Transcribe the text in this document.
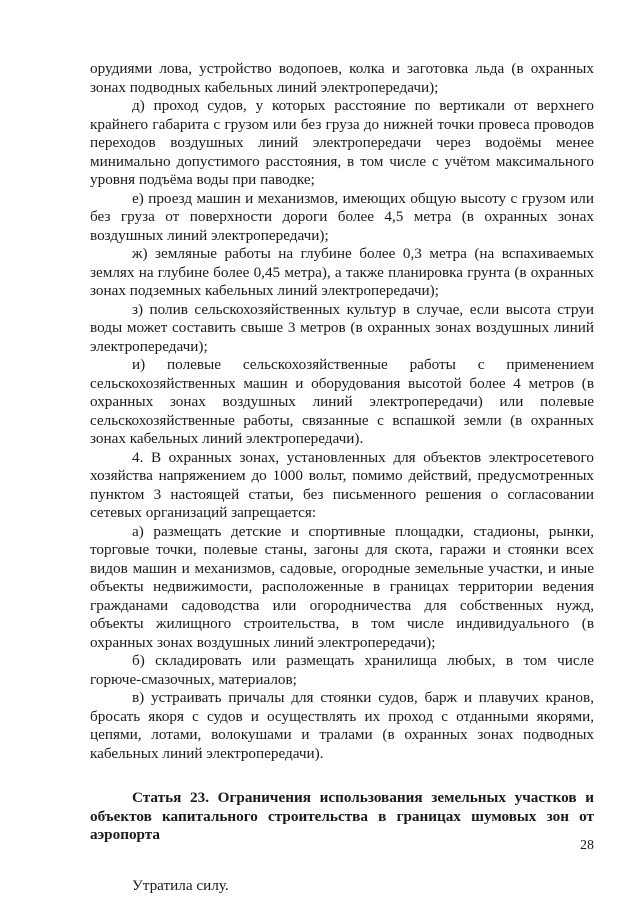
орудиями лова, устройство водопоев, колка и заготовка льда (в охранных зонах подводных кабельных линий электропередачи);

д) проход судов, у которых расстояние по вертикали от верхнего крайнего габарита с грузом или без груза до нижней точки провеса проводов переходов воздушных линий электропередачи через водоёмы менее минимально допустимого расстояния, в том числе с учётом максимального уровня подъёма воды при паводке;

е) проезд машин и механизмов, имеющих общую высоту с грузом или без груза от поверхности дороги более 4,5 метра (в охранных зонах воздушных линий электропередачи);

ж) земляные работы на глубине более 0,3 метра (на вспахиваемых землях на глубине более 0,45 метра), а также планировка грунта (в охранных зонах подземных кабельных линий электропередачи);

з) полив сельскохозяйственных культур в случае, если высота струи воды может составить свыше 3 метров (в охранных зонах воздушных линий электропередачи);

и) полевые сельскохозяйственные работы с применением сельскохозяйственных машин и оборудования высотой более 4 метров (в охранных зонах воздушных линий электропередачи) или полевые сельскохозяйственные работы, связанные с вспашкой земли (в охранных зонах кабельных линий электропередачи).

4. В охранных зонах, установленных для объектов электросетевого хозяйства напряжением до 1000 вольт, помимо действий, предусмотренных пунктом 3 настоящей статьи, без письменного решения о согласовании сетевых организаций запрещается:

а) размещать детские и спортивные площадки, стадионы, рынки, торговые точки, полевые станы, загоны для скота, гаражи и стоянки всех видов машин и механизмов, садовые, огородные земельные участки, и иные объекты недвижимости, расположенные в границах территории ведения гражданами садоводства или огородничества для собственных нужд, объекты жилищного строительства, в том числе индивидуального (в охранных зонах воздушных линий электропередачи);

б) складировать или размещать хранилища любых, в том числе горюче-смазочных, материалов;

в) устраивать причалы для стоянки судов, барж и плавучих кранов, бросать якоря с судов и осуществлять их проход с отданными якорями, цепями, лотами, волокушами и тралами (в охранных зонах подводных кабельных линий электропередачи).

Статья 23. Ограничения использования земельных участков и объектов капитального строительства в границах шумовых зон от аэропорта

Утратила силу.

28
